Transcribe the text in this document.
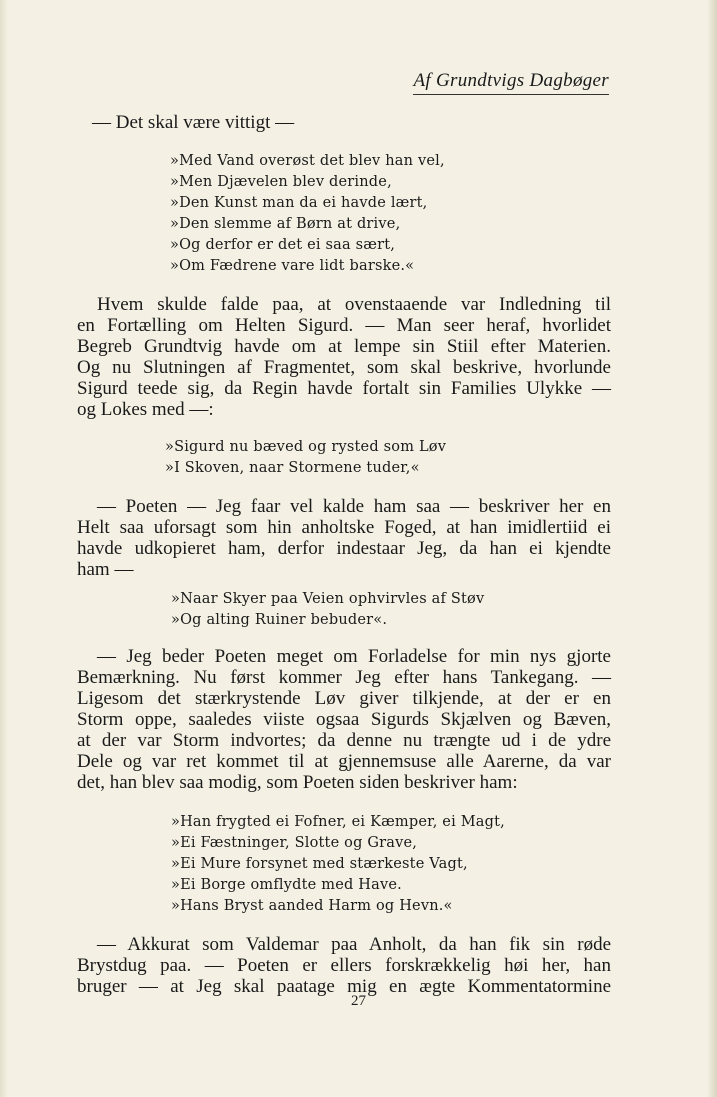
Af Grundtvigs Dagbøger

— Det skal være vittigt —

»Med Vand overøst det blev han vel,
»Men Djævelen blev derinde,
»Den Kunst man da ei havde lært,
»Den slemme af Børn at drive,
»Og derfor er det ei saa sært,
»Om Fædrene vare lidt barske.«

Hvem skulde falde paa, at ovenstaaende var Indledning til

en Fortælling om Helten Sigurd. — Man seer heraf, hvorlidet

Begreb Grundtvig havde om at lempe sin Stiil efter Materien.

Og nu Slutningen af Fragmentet, som skal beskrive, hvorlunde

Sigurd teede sig, da Regin havde fortalt sin Families Ulykke —

og Lokes med —:

»Sigurd nu bæved og rysted som Løv
»I Skoven, naar Stormene tuder,«

— Poeten — Jeg faar vel kalde ham saa — beskriver her en

Helt saa uforsagt som hin anholtske Foged, at han imidlertiid ei

havde udkopieret ham, derfor indestaar Jeg, da han ei kjendte

ham —

»Naar Skyer paa Veien ophvirvles af Støv
»Og alting Ruiner bebuder«.

— Jeg beder Poeten meget om Forladelse for min nys gjorte

Bemærkning. Nu først kommer Jeg efter hans Tankegang. —

Ligesom det stærkrystende Løv giver tilkjende, at der er en

Storm oppe, saaledes viiste ogsaa Sigurds Skjælven og Bæven,

at der var Storm indvortes; da denne nu trængte ud i de ydre

Dele og var ret kommet til at gjennemsuse alle Aarerne, da var

det, han blev saa modig, som Poeten siden beskriver ham:

»Han frygted ei Fofner, ei Kæmper, ei Magt,
»Ei Fæstninger, Slotte og Grave,
»Ei Mure forsynet med stærkeste Vagt,
»Ei Borge omflydte med Have.
»Hans Bryst aanded Harm og Hevn.«

— Akkurat som Valdemar paa Anholt, da han fik sin røde

Brystdug paa. — Poeten er ellers forskrækkelig høi her, han

bruger — at Jeg skal paatage mig en ægte Kommentatormine

27
